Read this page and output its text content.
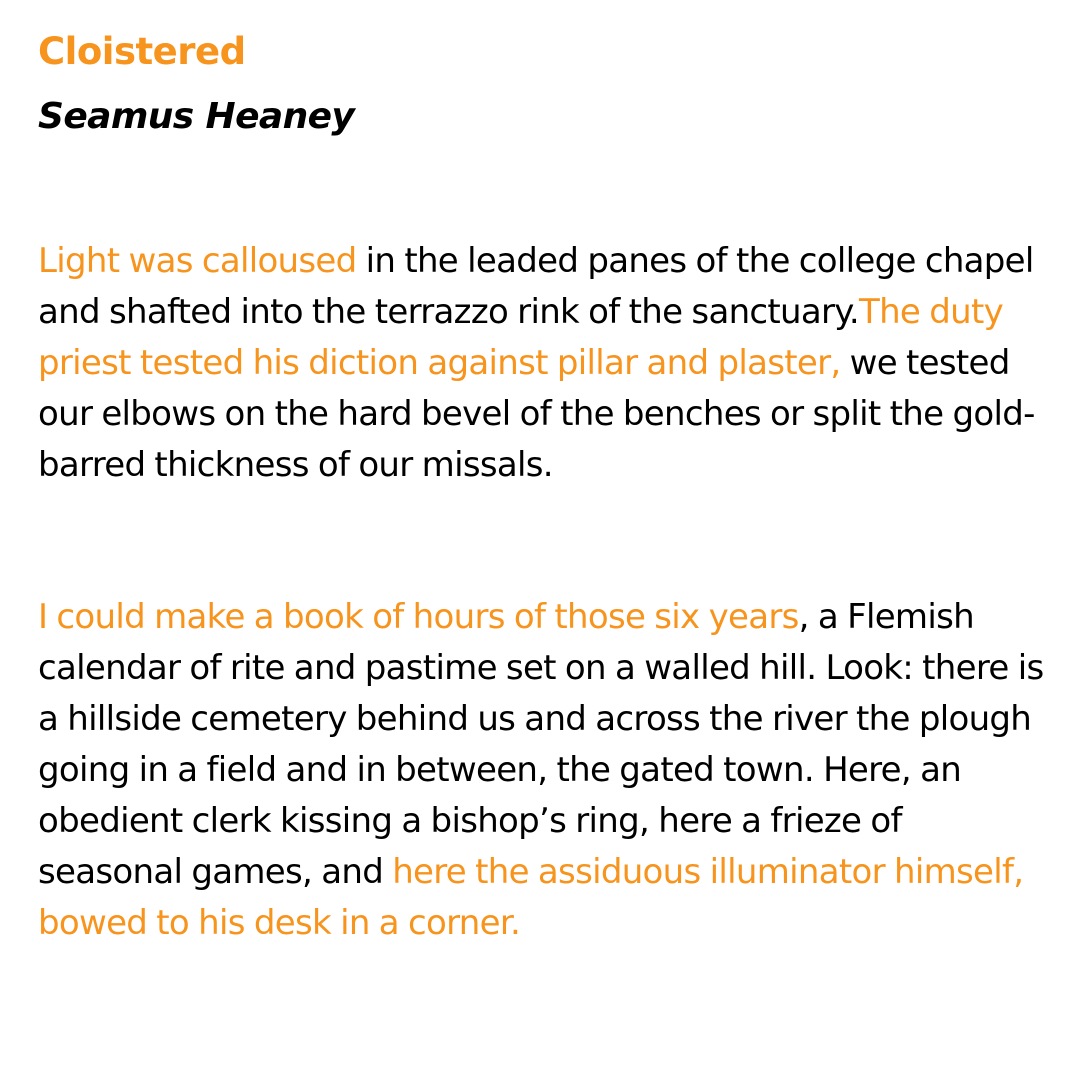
Cloistered
Seamus Heaney

Light was calloused in the leaded panes of the college chapel and shafted into the terrazzo rink of the sanctuary.The duty priest tested his diction against pillar and plaster, we tested our elbows on the hard bevel of the benches or split the gold-barred thickness of our missals.

I could make a book of hours of those six years, a Flemish calendar of rite and pastime set on a walled hill. Look: there is a hillside cemetery behind us and across the river the plough going in a field and in between, the gated town. Here, an obedient clerk kissing a bishop’s ring, here a frieze of seasonal games, and here the assiduous illuminator himself, bowed to his desk in a corner.
